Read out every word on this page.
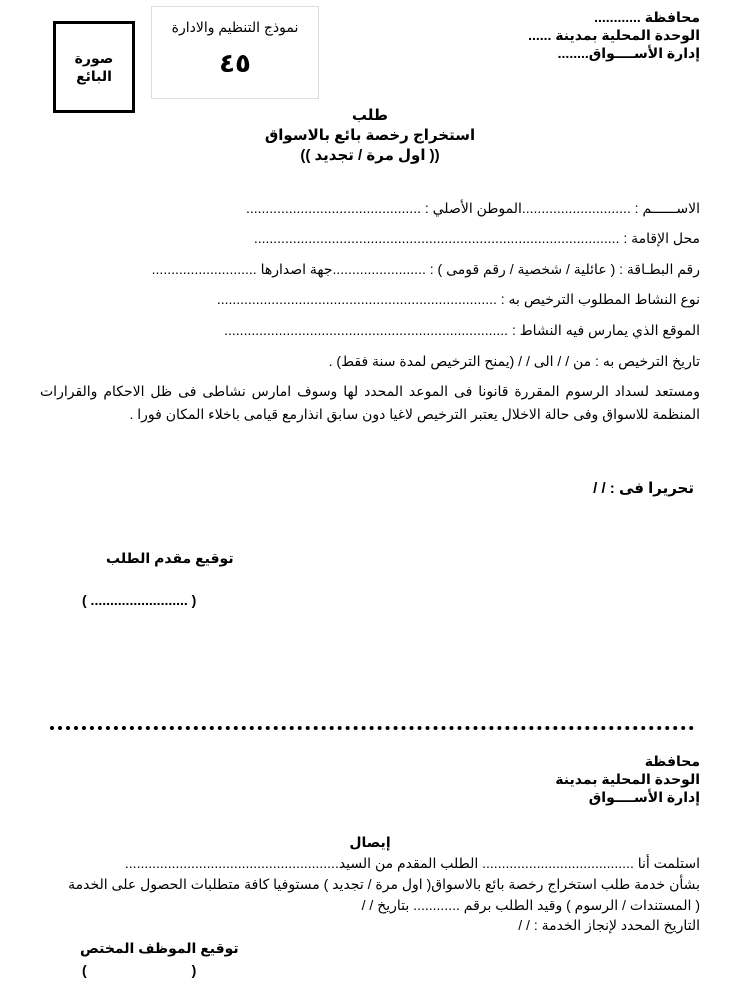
صورة
البائع
نموذج التنظيم والادارة
٤٥
محافظة ............
الوحدة المحلية بمدينة ......
إدارة الأســــواق........
طلب
استخراج رخصة بائع بالاسواق
(( اول مرة / تجديد ))
الاســــــم : ............................الموطن الأصلي : .............................................
محل الإقامة : ..............................................................................................
رقم البطـاقة : ( عائلية / شخصية / رقم قومى ) : ........................جهة اصدارها ...........................
نوع النشاط المطلوب الترخيص به : ........................................................................
الموقع الذي يمارس فيه النشاط : .........................................................................
تاريخ الترخيص به : من / / الى / / (يمنح الترخيص لمدة سنة فقط) .
ومستعد لسداد الرسوم المقررة قانونا فى الموعد المحدد لها وسوف امارس نشاطى فى ظل الاحكام والقرارات المنظمة للاسواق وفى حالة الاخلال يعتبر الترخيص لاغيا دون سابق انذارمع قيامى باخلاء المكان فورا .
تحريرا فى : / /
توقيع مقدم الطلب
( ......................... )
محافظة
الوحدة المحلية بمدينة
إدارة الأســــواق
إيصال
استلمت أنا ....................................... الطلب المقدم من السيد.......................................................
بشأن خدمة طلب استخراج رخصة بائع بالاسواق( اول مرة / تجديد ) مستوفيا كافة متطلبات الحصول على الخدمة
( المستندات / الرسوم ) وقيد الطلب برقم ............ بتاريخ / /
التاريخ المحدد لإنجاز الخدمة : / /
توقيع الموظف المختص
(                           )
